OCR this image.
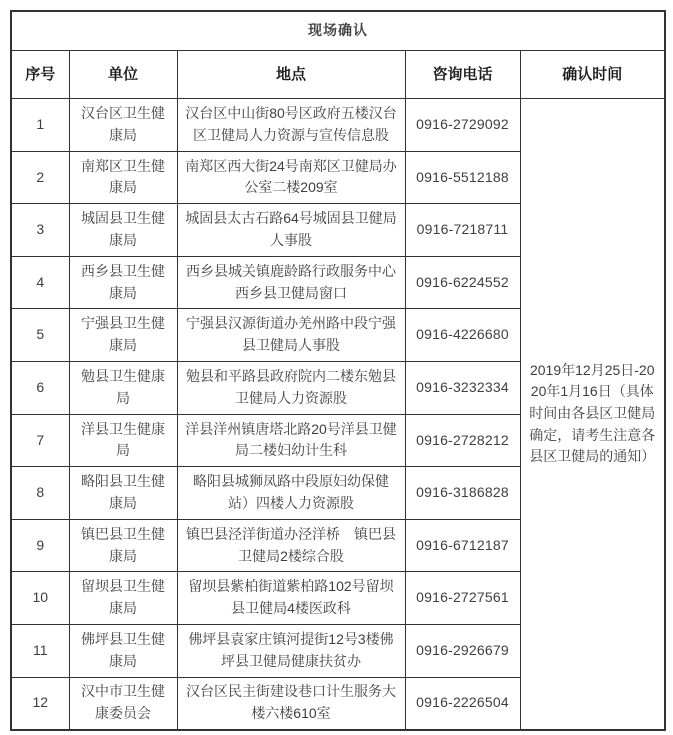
现场确认				
序号	单位	地点	咨询电话	确认时间
1	汉台区卫生健康局	汉台区中山街80号区政府五楼汉台区卫健局人力资源与宣传信息股	0916-2729092	2019年12月25日-2020年1月16日（具体时间由各县区卫健局确定，请考生注意各县区卫健局的通知）
2	南郑区卫生健康局	南郑区西大街24号南郑区卫健局办公室二楼209室	0916-5512188	
3	城固县卫生健康局	城固县太古石路64号城固县卫健局人事股	0916-7218711	
4	西乡县卫生健康局	西乡县城关镇鹿龄路行政服务中心西乡县卫健局窗口	0916-6224552	
5	宁强县卫生健康局	宁强县汉源街道办羌州路中段宁强县卫健局人事股	0916-4226680	
6	勉县卫生健康局	勉县和平路县政府院内二楼东勉县卫健局人力资源股	0916-3232334	
7	洋县卫生健康局	洋县洋州镇唐塔北路20号洋县卫健局二楼妇幼计生科	0916-2728212	
8	略阳县卫生健康局	略阳县城狮凤路中段原妇幼保健站）四楼人力资源股	0916-3186828	
9	镇巴县卫生健康局	镇巴县泾洋街道办泾洋桥　镇巴县卫健局2楼综合股	0916-6712187	
10	留坝县卫生健康局	留坝县紫柏街道紫柏路102号留坝县卫健局4楼医政科	0916-2727561	
11	佛坪县卫生健康局	佛坪县袁家庄镇河提街12号3楼佛坪县卫健局健康扶贫办	0916-2926679	
12	汉中市卫生健康委员会	汉台区民主街建设巷口计生服务大楼六楼610室	0916-2226504	
